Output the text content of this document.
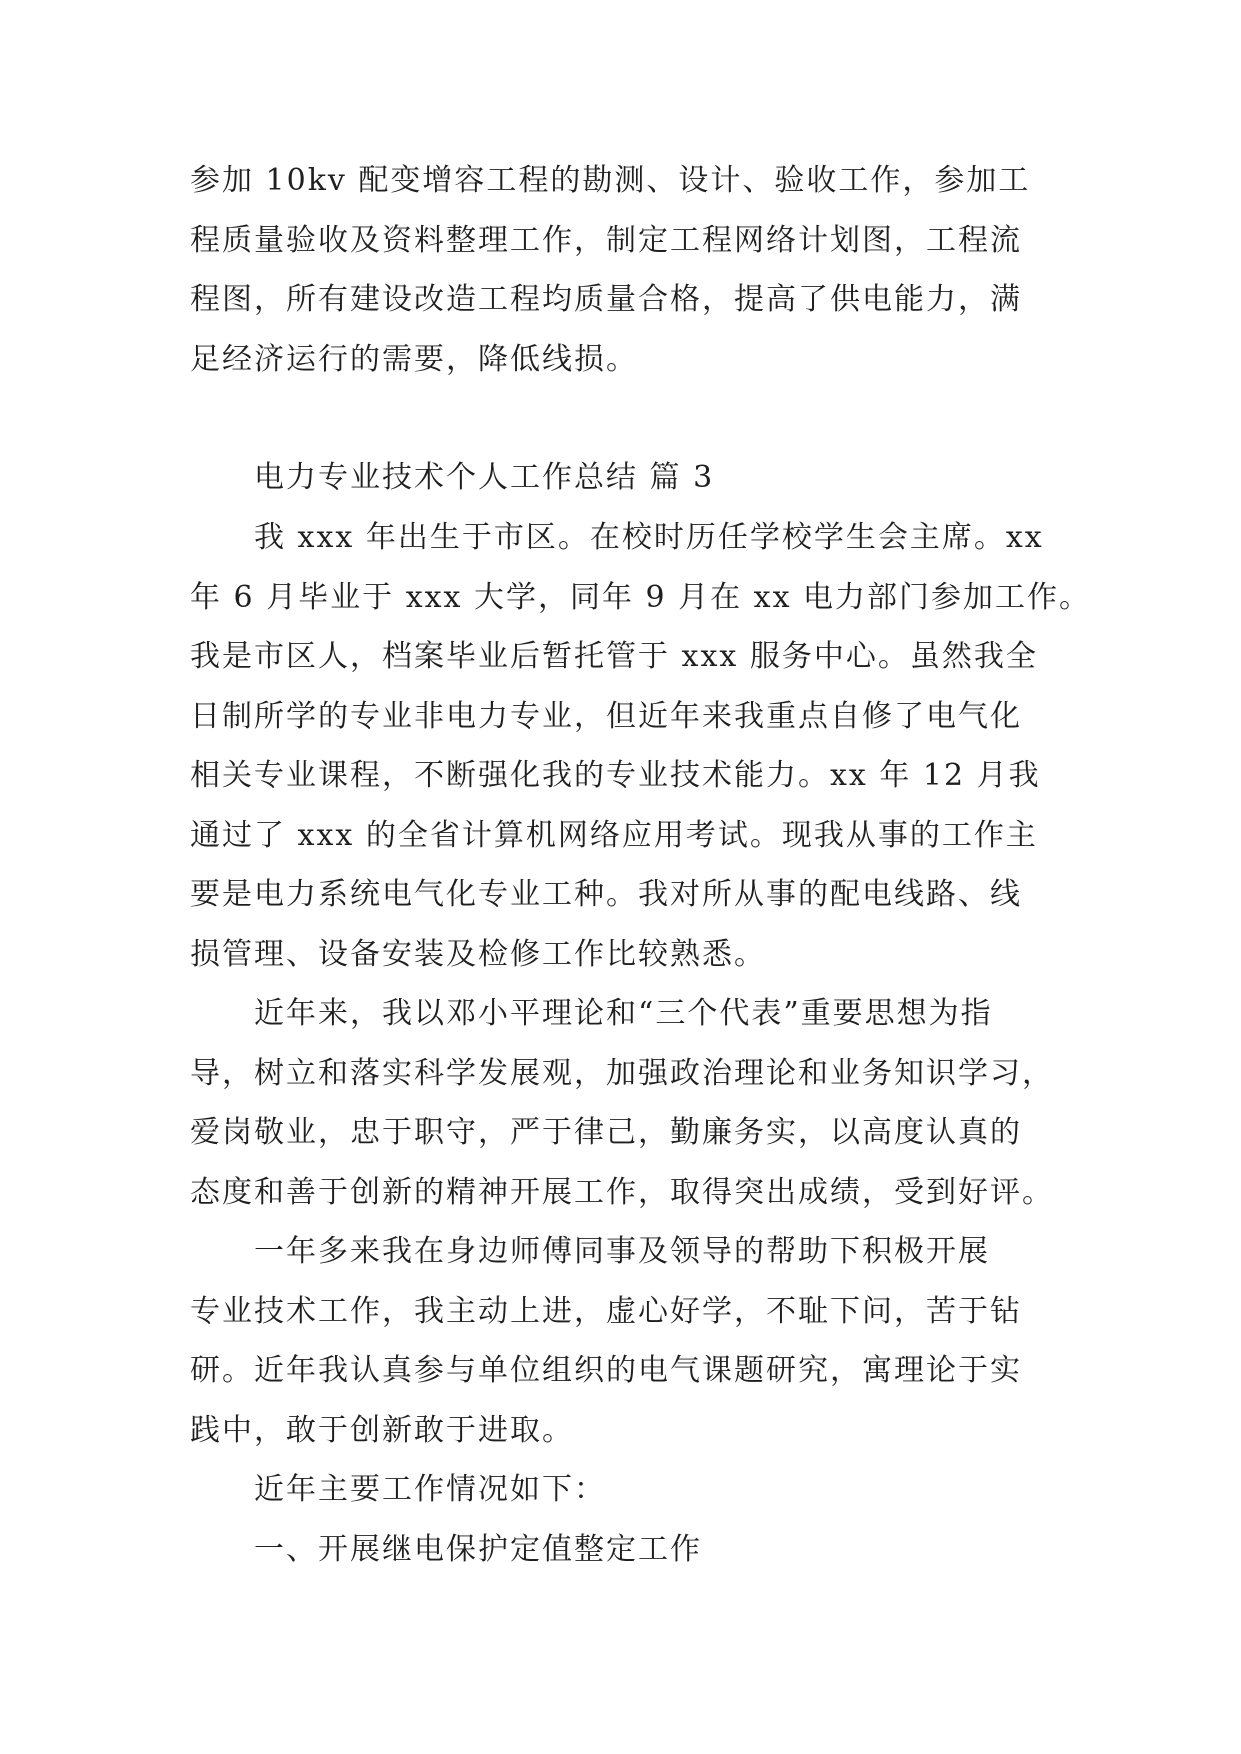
参加 10kv 配变增容工程的勘测、设计、验收工作，参加工
程质量验收及资料整理工作，制定工程网络计划图，工程流
程图，所有建设改造工程均质量合格，提高了供电能力，满
足经济运行的需要，降低线损。
电力专业技术个人工作总结 篇 3
我 xxx 年出生于市区。在校时历任学校学生会主席。xx
年 6 月毕业于 xxx 大学，同年 9 月在 xx 电力部门参加工作。
我是市区人，档案毕业后暂托管于 xxx 服务中心。虽然我全
日制所学的专业非电力专业，但近年来我重点自修了电气化
相关专业课程，不断强化我的专业技术能力。xx 年 12 月我
通过了 xxx 的全省计算机网络应用考试。现我从事的工作主
要是电力系统电气化专业工种。我对所从事的配电线路、线
损管理、设备安装及检修工作比较熟悉。
近年来，我以邓小平理论和“三个代表”重要思想为指
导，树立和落实科学发展观，加强政治理论和业务知识学习，
爱岗敬业，忠于职守，严于律己，勤廉务实，以高度认真的
态度和善于创新的精神开展工作，取得突出成绩，受到好评。
一年多来我在身边师傅同事及领导的帮助下积极开展
专业技术工作，我主动上进，虚心好学，不耻下问，苦于钻
研。近年我认真参与单位组织的电气课题研究，寓理论于实
践中，敢于创新敢于进取。
近年主要工作情况如下：
一、开展继电保护定值整定工作
